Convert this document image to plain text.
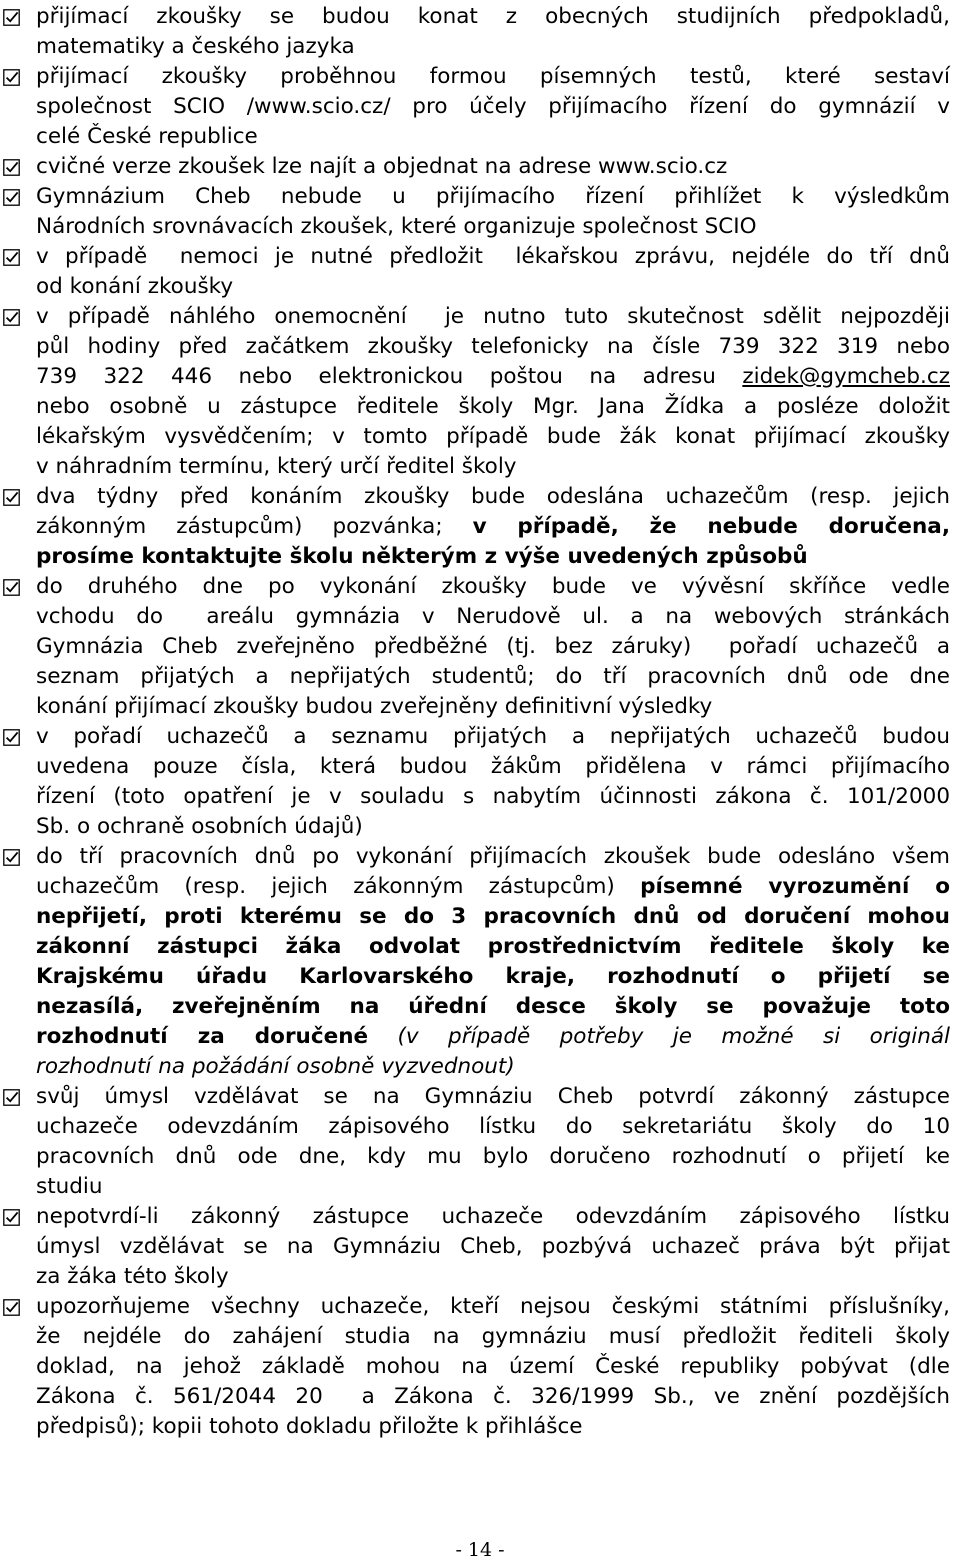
přijímací zkoušky se budou konat z obecných studijních předpokladů,
matematiky a českého jazyka
přijímací zkoušky proběhnou formou písemných testů, které sestaví
společnost SCIO /www.scio.cz/ pro účely přijímacího řízení do gymnázií v
celé České republice
cvičné verze zkoušek lze najít a objednat na adrese www.scio.cz
Gymnázium Cheb nebude u přijímacího řízení přihlížet k výsledkům
Národních srovnávacích zkoušek, které organizuje společnost SCIO
v případě  nemoci je nutné předložit  lékařskou zprávu, nejdéle do tří dnů
od konání zkoušky
v případě náhlého onemocnění  je nutno tuto skutečnost sdělit nejpozději
půl hodiny před začátkem zkoušky telefonicky na čísle 739 322 319 nebo
739 322 446 nebo elektronickou poštou na adresu zidek@gymcheb.cz
nebo osobně u zástupce ředitele školy Mgr. Jana Žídka a posléze doložit
lékařským vysvědčením; v tomto případě bude žák konat přijímací zkoušky
v náhradním termínu, který určí ředitel školy
dva týdny před konáním zkoušky bude odeslána uchazečům (resp. jejich
zákonným zástupcům) pozvánka; v případě, že nebude doručena,
prosíme kontaktujte školu některým z výše uvedených způsobů
do druhého dne po vykonání zkoušky bude ve vývěsní skříňce vedle
vchodu do  areálu gymnázia v Nerudově ul. a na webových stránkách
Gymnázia Cheb zveřejněno předběžné (tj. bez záruky)  pořadí uchazečů a
seznam přijatých a nepřijatých studentů; do tří pracovních dnů ode dne
konání přijímací zkoušky budou zveřejněny definitivní výsledky
v pořadí uchazečů a seznamu přijatých a nepřijatých uchazečů budou
uvedena pouze čísla, která budou žákům přidělena v rámci přijímacího
řízení (toto opatření je v souladu s nabytím účinnosti zákona č. 101/2000
Sb. o ochraně osobních údajů)
do tří pracovních dnů po vykonání přijímacích zkoušek bude odesláno všem
uchazečům (resp. jejich zákonným zástupcům) písemné vyrozumění o
nepřijetí, proti kterému se do 3 pracovních dnů od doručení mohou
zákonní zástupci žáka odvolat prostřednictvím ředitele školy ke
Krajskému úřadu Karlovarského kraje, rozhodnutí o přijetí se
nezasílá, zveřejněním na úřední desce školy se považuje toto
rozhodnutí za doručené (v případě potřeby je možné si originál
rozhodnutí na požádání osobně vyzvednout)
svůj úmysl vzdělávat se na Gymnáziu Cheb potvrdí zákonný zástupce
uchazeče odevzdáním zápisového lístku do sekretariátu školy do 10
pracovních dnů ode dne, kdy mu bylo doručeno rozhodnutí o přijetí ke
studiu
nepotvrdí-li zákonný zástupce uchazeče odevzdáním zápisového lístku
úmysl vzdělávat se na Gymnáziu Cheb, pozbývá uchazeč práva být přijat
za žáka této školy
upozorňujeme všechny uchazeče, kteří nejsou českými státními příslušníky,
že nejdéle do zahájení studia na gymnáziu musí předložit řediteli školy
doklad, na jehož základě mohou na území České republiky pobývat (dle
Zákona č. 561/2044 20  a Zákona č. 326/1999 Sb., ve znění pozdějších
předpisů); kopii tohoto dokladu přiložte k přihlášce
- 14 -
